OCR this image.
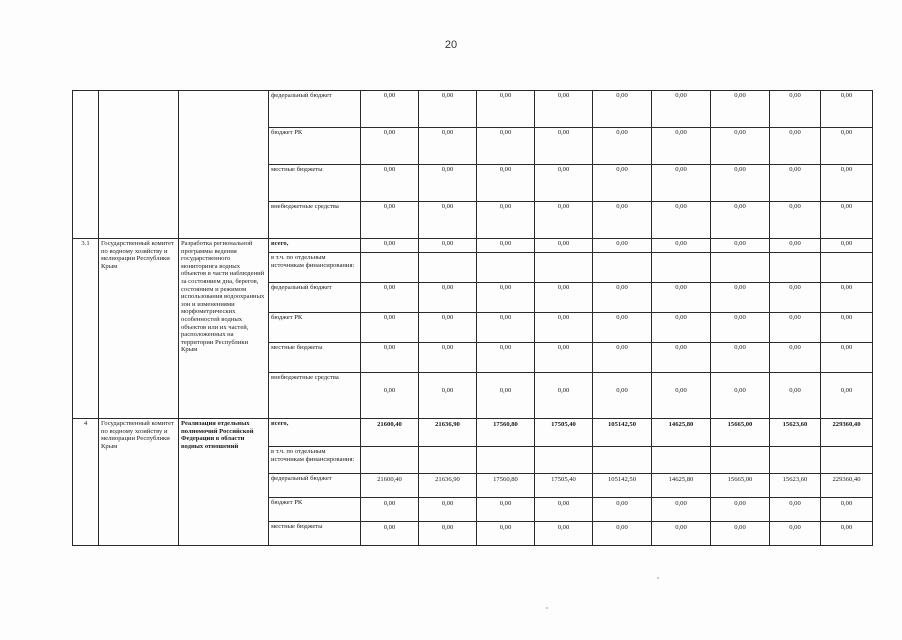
20
			федеральный бюджет	0,00	0,00	0,00	0,00	0,00	0,00	0,00	0,00	0,00
			бюджет РК	0,00	0,00	0,00	0,00	0,00	0,00	0,00	0,00	0,00
			местные бюджеты	0,00	0,00	0,00	0,00	0,00	0,00	0,00	0,00	0,00
			внебюджетные средства	0,00	0,00	0,00	0,00	0,00	0,00	0,00	0,00	0,00
3.1	Государственный комитет по водному хозяйству и мелиорации Республики Крым	Разработка региональной программы ведения государственного мониторинга водных объектов в части наблюдений за состоянием дна, берегов, состоянием и режимом использования водоохранных зон и изменениями морфометрических особенностей водных объектов или их частей, расположенных на территории Республики Крым	всего,	0,00	0,00	0,00	0,00	0,00	0,00	0,00	0,00	0,00
			в т.ч. по отдельным источникам финансирования:									
			федеральный бюджет	0,00	0,00	0,00	0,00	0,00	0,00	0,00	0,00	0,00
			бюджет РК	0,00	0,00	0,00	0,00	0,00	0,00	0,00	0,00	0,00
			местные бюджеты	0,00	0,00	0,00	0,00	0,00	0,00	0,00	0,00	0,00
			внебюджетные средства	0,00	0,00	0,00	0,00	0,00	0,00	0,00	0,00	0,00
4	Государственный комитет по водному хозяйству и мелиорации Республики Крым	Реализация отдельных полномочий Российской Федерации в области водных отношений	всего,	21600,40	21636,90	17560,80	17505,40	105142,50	14625,80	15665,00	15623,60	229360,40
			в т.ч. по отдельным источникам финансирования:									
			федеральный бюджет	21600,40	21636,90	17560,80	17505,40	105142,50	14625,80	15665,00	15623,60	229360,40
			бюджет РК	0,00	0,00	0,00	0,00	0,00	0,00	0,00	0,00	0,00
			местные бюджеты	0,00	0,00	0,00	0,00	0,00	0,00	0,00	0,00	0,00
